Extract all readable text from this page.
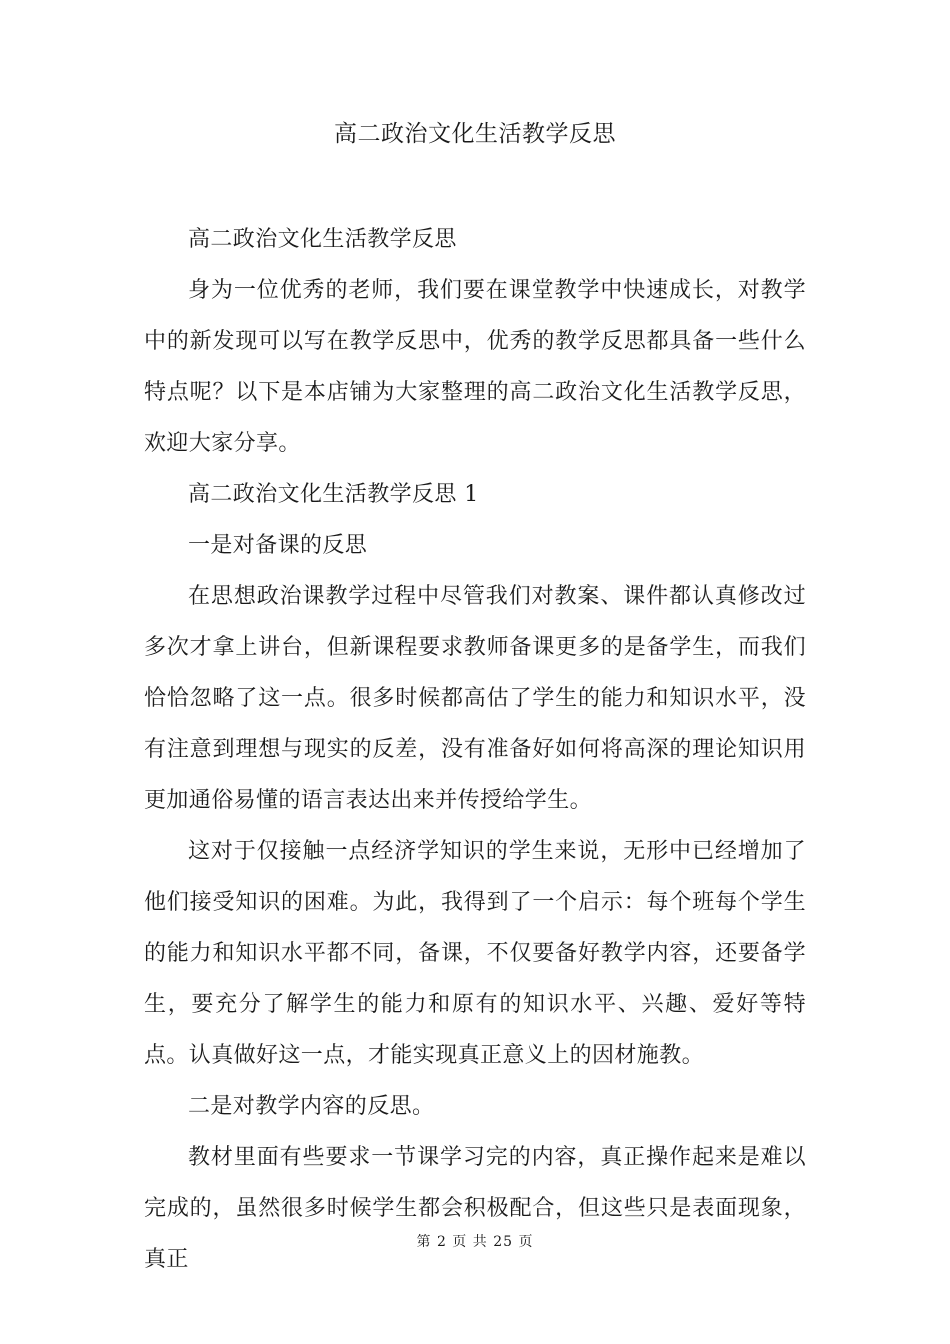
高二政治文化生活教学反思

高二政治文化生活教学反思

身为一位优秀的老师，我们要在课堂教学中快速成长，对教学中的新发现可以写在教学反思中，优秀的教学反思都具备一些什么特点呢？以下是本店铺为大家整理的高二政治文化生活教学反思，欢迎大家分享。

高二政治文化生活教学反思 1

一是对备课的反思

在思想政治课教学过程中尽管我们对教案、课件都认真修改过多次才拿上讲台，但新课程要求教师备课更多的是备学生，而我们恰恰忽略了这一点。很多时候都高估了学生的能力和知识水平，没有注意到理想与现实的反差，没有准备好如何将高深的理论知识用更加通俗易懂的语言表达出来并传授给学生。

这对于仅接触一点经济学知识的学生来说，无形中已经增加了他们接受知识的困难。为此，我得到了一个启示：每个班每个学生的能力和知识水平都不同，备课，不仅要备好教学内容，还要备学生，要充分了解学生的能力和原有的知识水平、兴趣、爱好等特点。认真做好这一点，才能实现真正意义上的因材施教。

二是对教学内容的反思。

教材里面有些要求一节课学习完的内容，真正操作起来是难以完成的，虽然很多时候学生都会积极配合，但这些只是表面现象，真正

第 2 页 共 25 页
